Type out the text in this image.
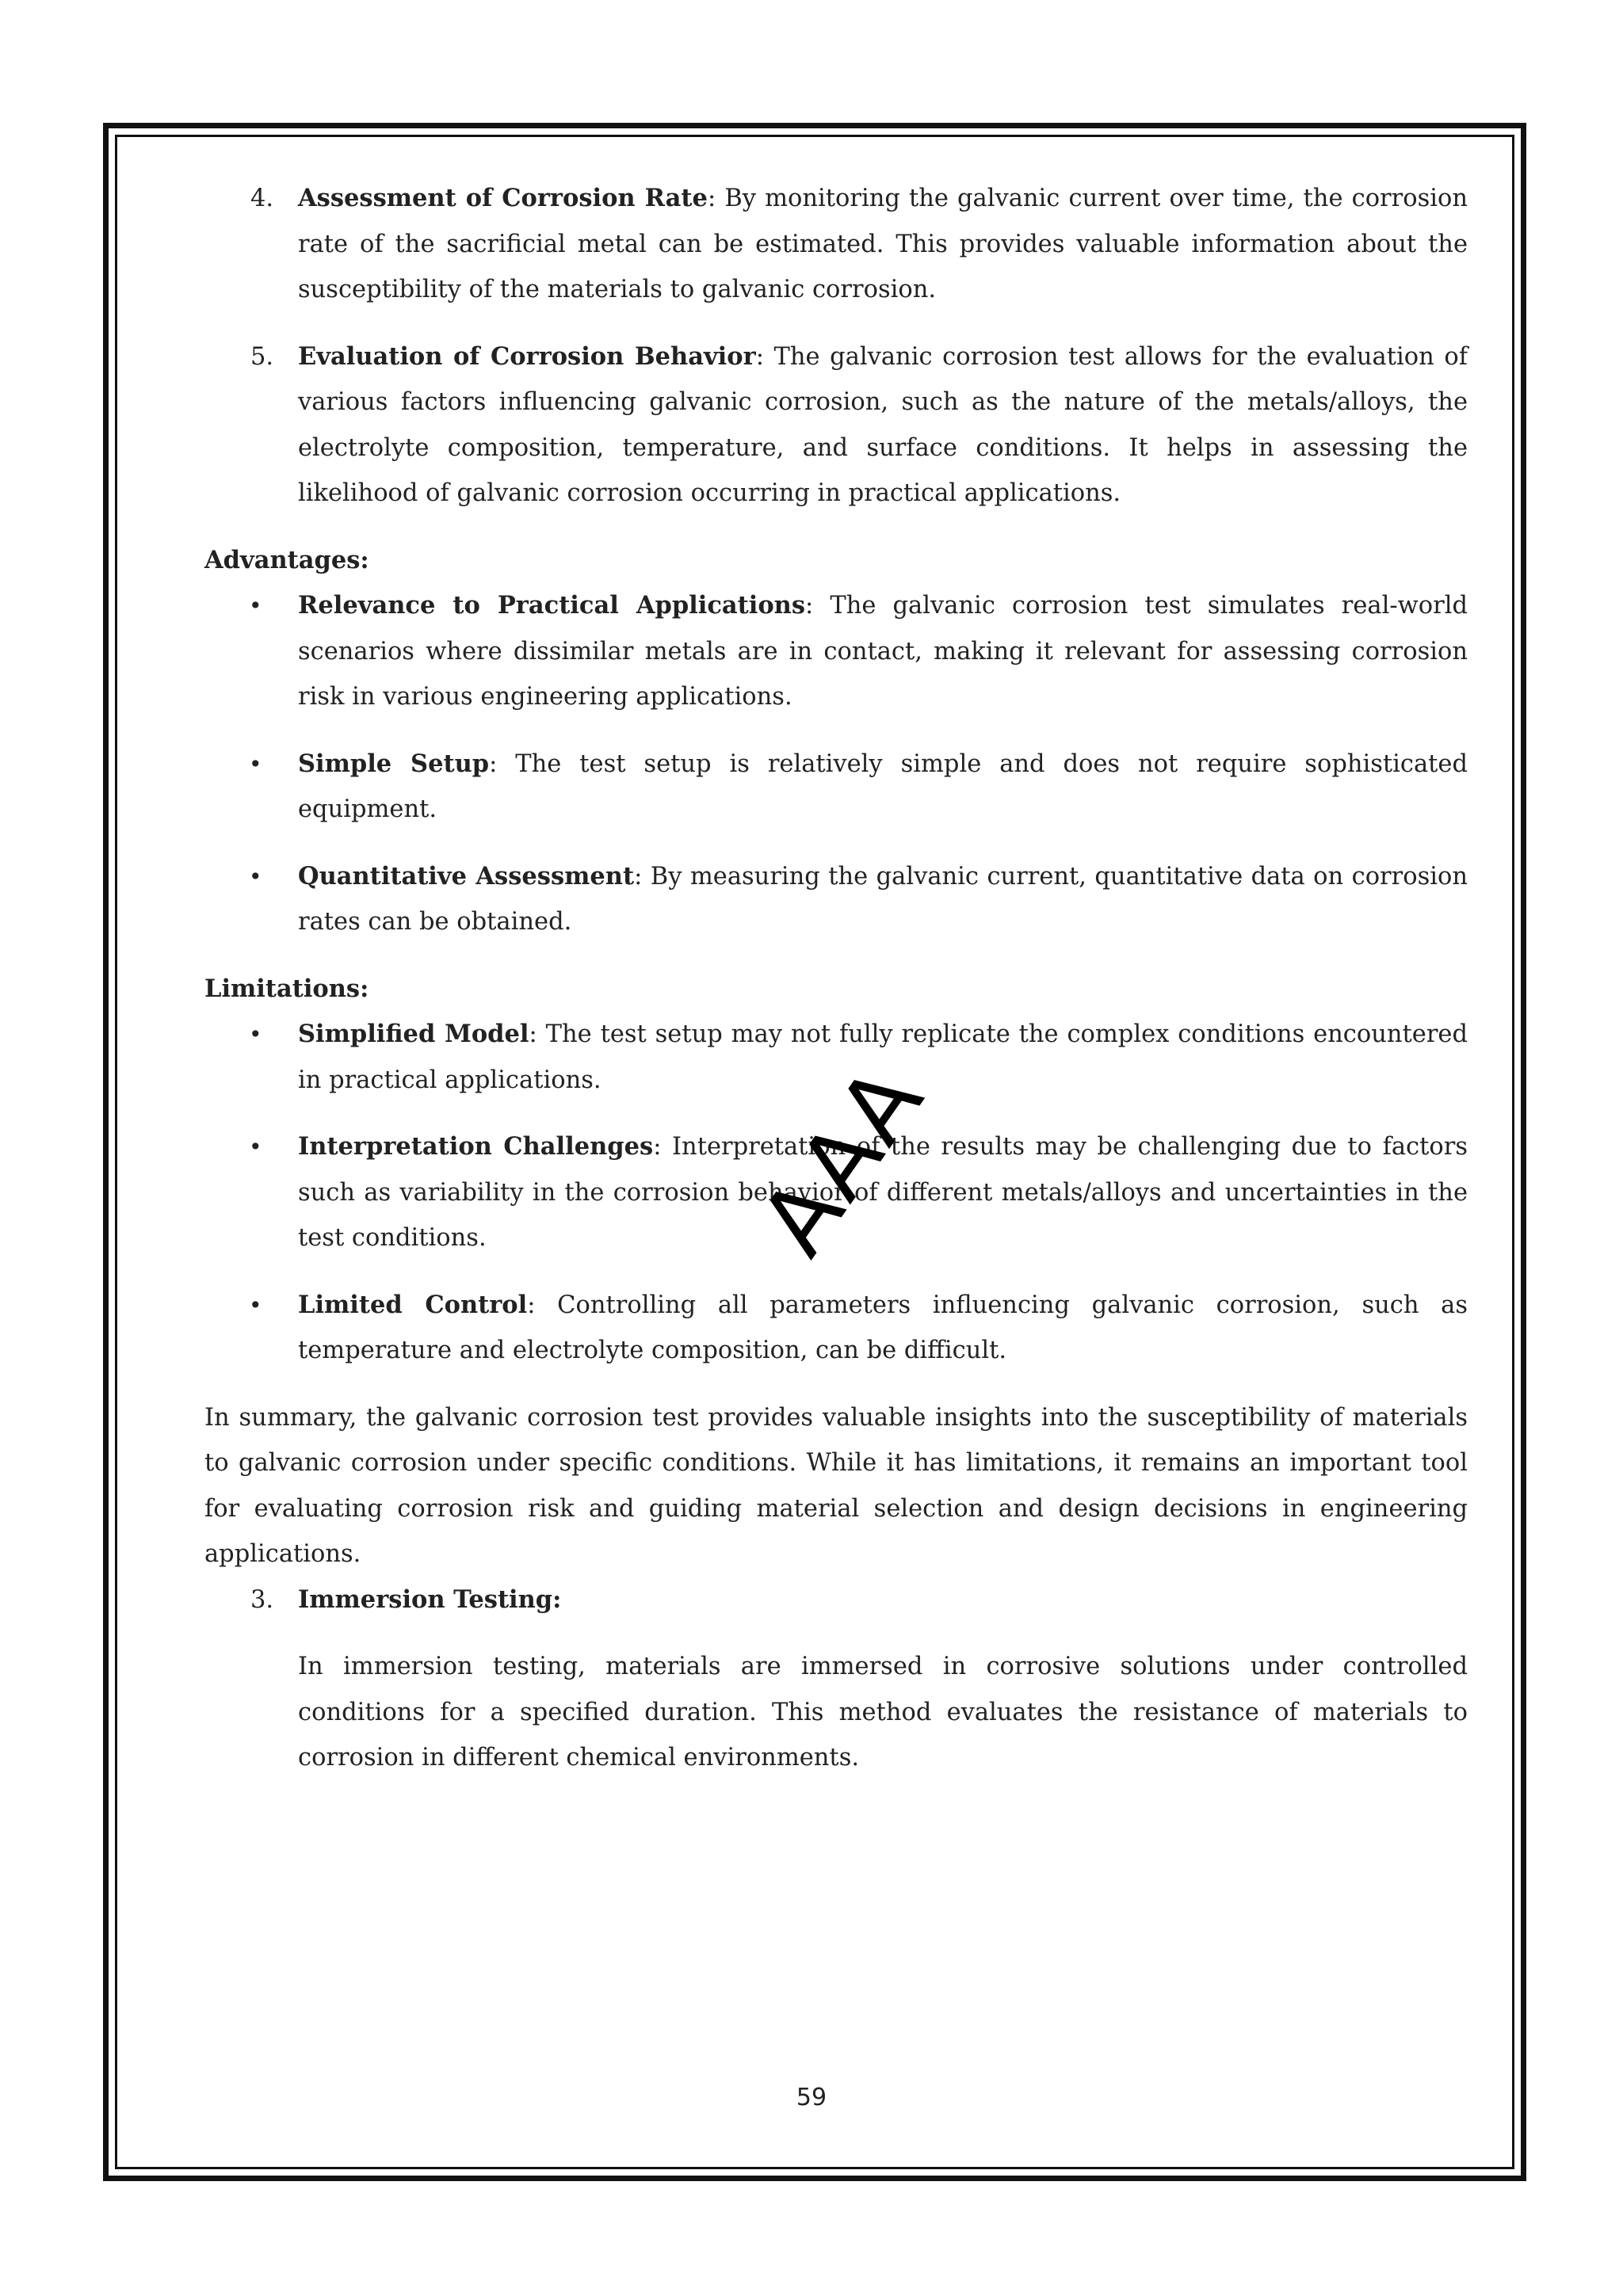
4. Assessment of Corrosion Rate: By monitoring the galvanic current over time, the corrosion rate of the sacrificial metal can be estimated. This provides valuable information about the susceptibility of the materials to galvanic corrosion.

5. Evaluation of Corrosion Behavior: The galvanic corrosion test allows for the evaluation of various factors influencing galvanic corrosion, such as the nature of the metals/alloys, the electrolyte composition, temperature, and surface conditions. It helps in assessing the likelihood of galvanic corrosion occurring in practical applications.

Advantages:

• Relevance to Practical Applications: The galvanic corrosion test simulates real-world scenarios where dissimilar metals are in contact, making it relevant for assessing corrosion risk in various engineering applications.

• Simple Setup: The test setup is relatively simple and does not require sophisticated equipment.

• Quantitative Assessment: By measuring the galvanic current, quantitative data on corrosion rates can be obtained.

Limitations:

• Simplified Model: The test setup may not fully replicate the complex conditions encountered in practical applications.

• Interpretation Challenges: Interpretation of the results may be challenging due to factors such as variability in the corrosion behavior of different metals/alloys and uncertainties in the test conditions.

• Limited Control: Controlling all parameters influencing galvanic corrosion, such as temperature and electrolyte composition, can be difficult.

In summary, the galvanic corrosion test provides valuable insights into the susceptibility of materials to galvanic corrosion under specific conditions. While it has limitations, it remains an important tool for evaluating corrosion risk and guiding material selection and design decisions in engineering applications.

3. Immersion Testing:

In immersion testing, materials are immersed in corrosive solutions under controlled conditions for a specified duration. This method evaluates the resistance of materials to corrosion in different chemical environments.

AAA
59
